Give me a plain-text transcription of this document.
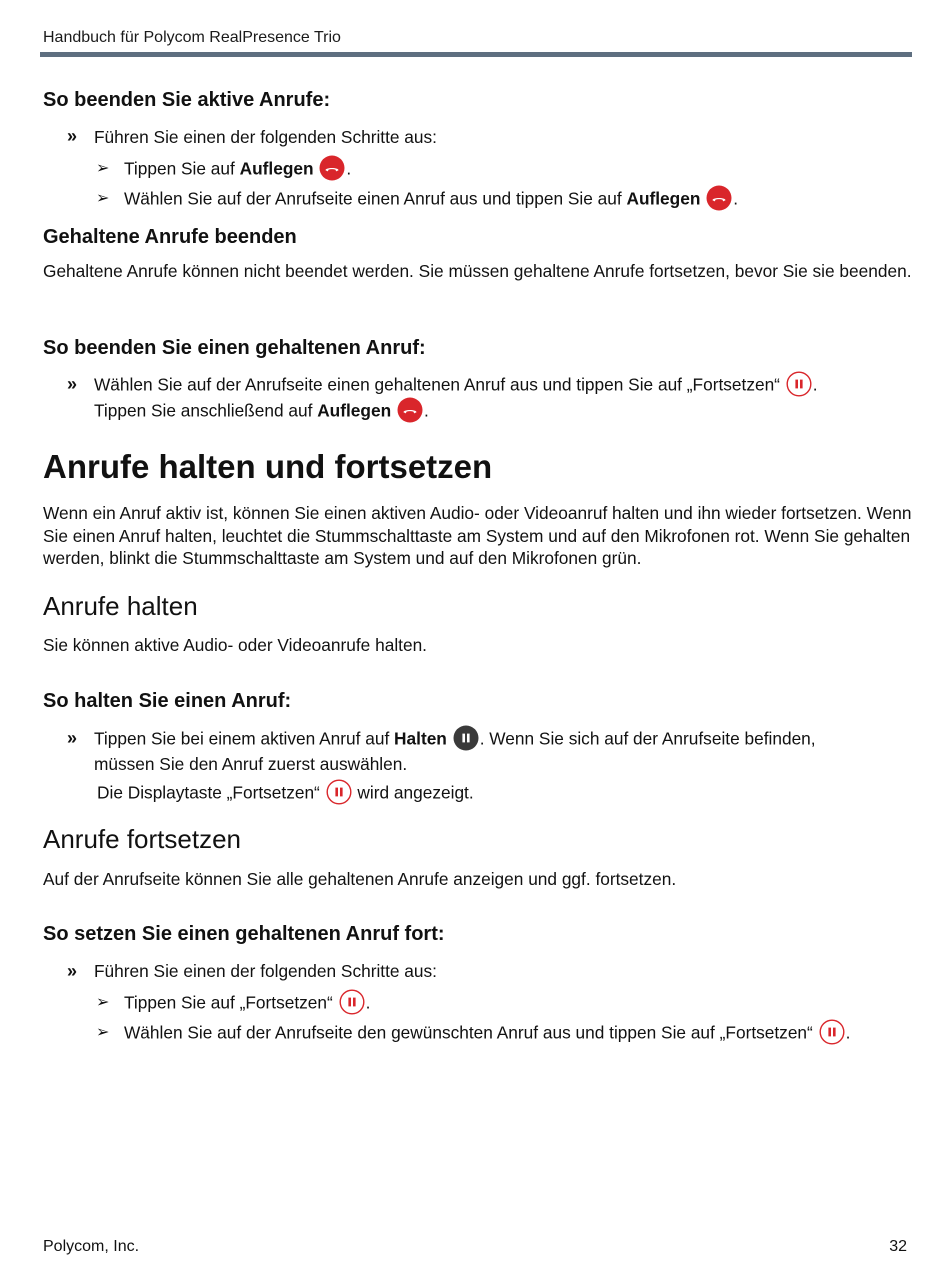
Handbuch für Polycom RealPresence Trio
So beenden Sie aktive Anrufe:
» Führen Sie einen der folgenden Schritte aus:
➢ Tippen Sie auf Auflegen .
➢ Wählen Sie auf der Anrufseite einen Anruf aus und tippen Sie auf Auflegen .
Gehaltene Anrufe beenden
Gehaltene Anrufe können nicht beendet werden. Sie müssen gehaltene Anrufe fortsetzen, bevor Sie sie beenden.
So beenden Sie einen gehaltenen Anruf:
» Wählen Sie auf der Anrufseite einen gehaltenen Anruf aus und tippen Sie auf „Fortsetzen“
.
Tippen Sie anschließend auf Auflegen .
Anrufe halten und fortsetzen
Wenn ein Anruf aktiv ist, können Sie einen aktiven Audio- oder Videoanruf halten und ihn wieder fortsetzen. Wenn Sie einen Anruf halten, leuchtet die Stummschalttaste am System und auf den Mikrofonen rot. Wenn Sie gehalten werden, blinkt die Stummschalttaste am System und auf den Mikrofonen grün.
Anrufe halten
Sie können aktive Audio- oder Videoanrufe halten.
So halten Sie einen Anruf:
» Tippen Sie bei einem aktiven Anruf auf Halten . Wenn Sie sich auf der Anrufseite befinden,
müssen Sie den Anruf zuerst auswählen.
Die Displaytaste „Fortsetzen“
wird angezeigt.
Anrufe fortsetzen
Auf der Anrufseite können Sie alle gehaltenen Anrufe anzeigen und ggf. fortsetzen.
So setzen Sie einen gehaltenen Anruf fort:
» Führen Sie einen der folgenden Schritte aus:
➢ Tippen Sie auf „Fortsetzen“
.
➢ Wählen Sie auf der Anrufseite den gewünschten Anruf aus und tippen Sie auf „Fortsetzen“
.
Polycom, Inc.	32
